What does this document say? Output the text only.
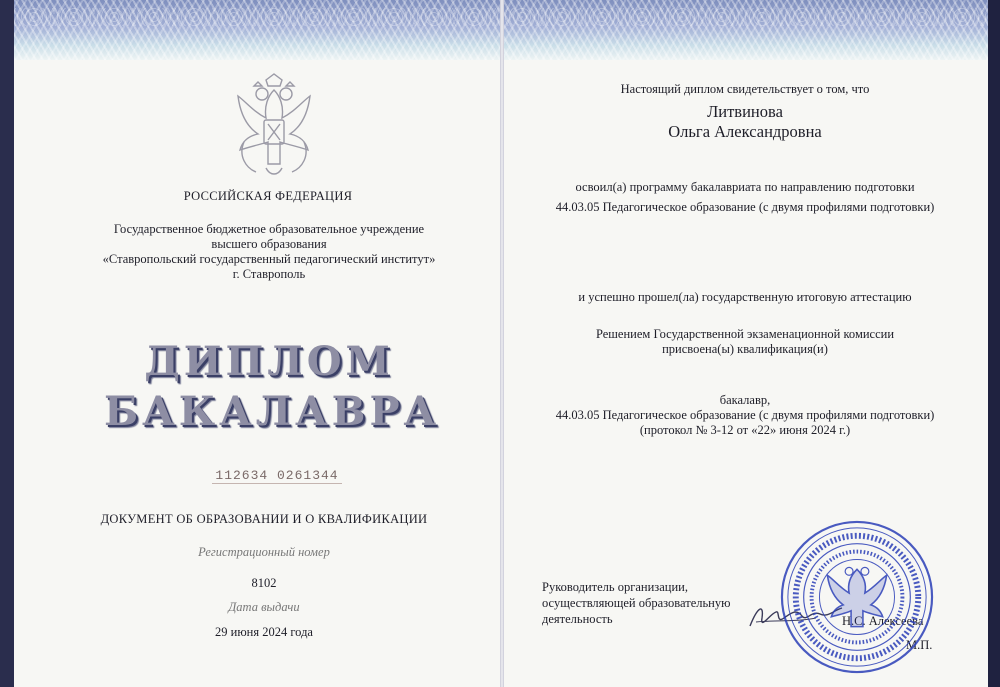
РОССИЙСКАЯ ФЕДЕРАЦИЯ
Государственное бюджетное образовательное учреждение
высшего образования
«Ставропольский государственный педагогический институт»
г. Ставрополь
ДИПЛОМ
БАКАЛАВРА
112634 0261344
ДОКУМЕНТ ОБ ОБРАЗОВАНИИ И О КВАЛИФИКАЦИИ
Регистрационный номер
8102
Дата выдачи
29 июня 2024 года
Настоящий диплом свидетельствует о том, что
Литвинова
Ольга Александровна
освоил(а) программу бакалавриата по направлению подготовки
44.03.05 Педагогическое образование (с двумя профилями подготовки)
и успешно прошел(ла) государственную итоговую аттестацию
Решением Государственной экзаменационной комиссии
присвоена(ы) квалификация(и)
бакалавр,
44.03.05 Педагогическое образование (с двумя профилями подготовки)
(протокол № 3-12 от «22» июня 2024 г.)
Руководитель организации,
осуществляющей образовательную
деятельность	Н.С. Алексеева
М.П.
